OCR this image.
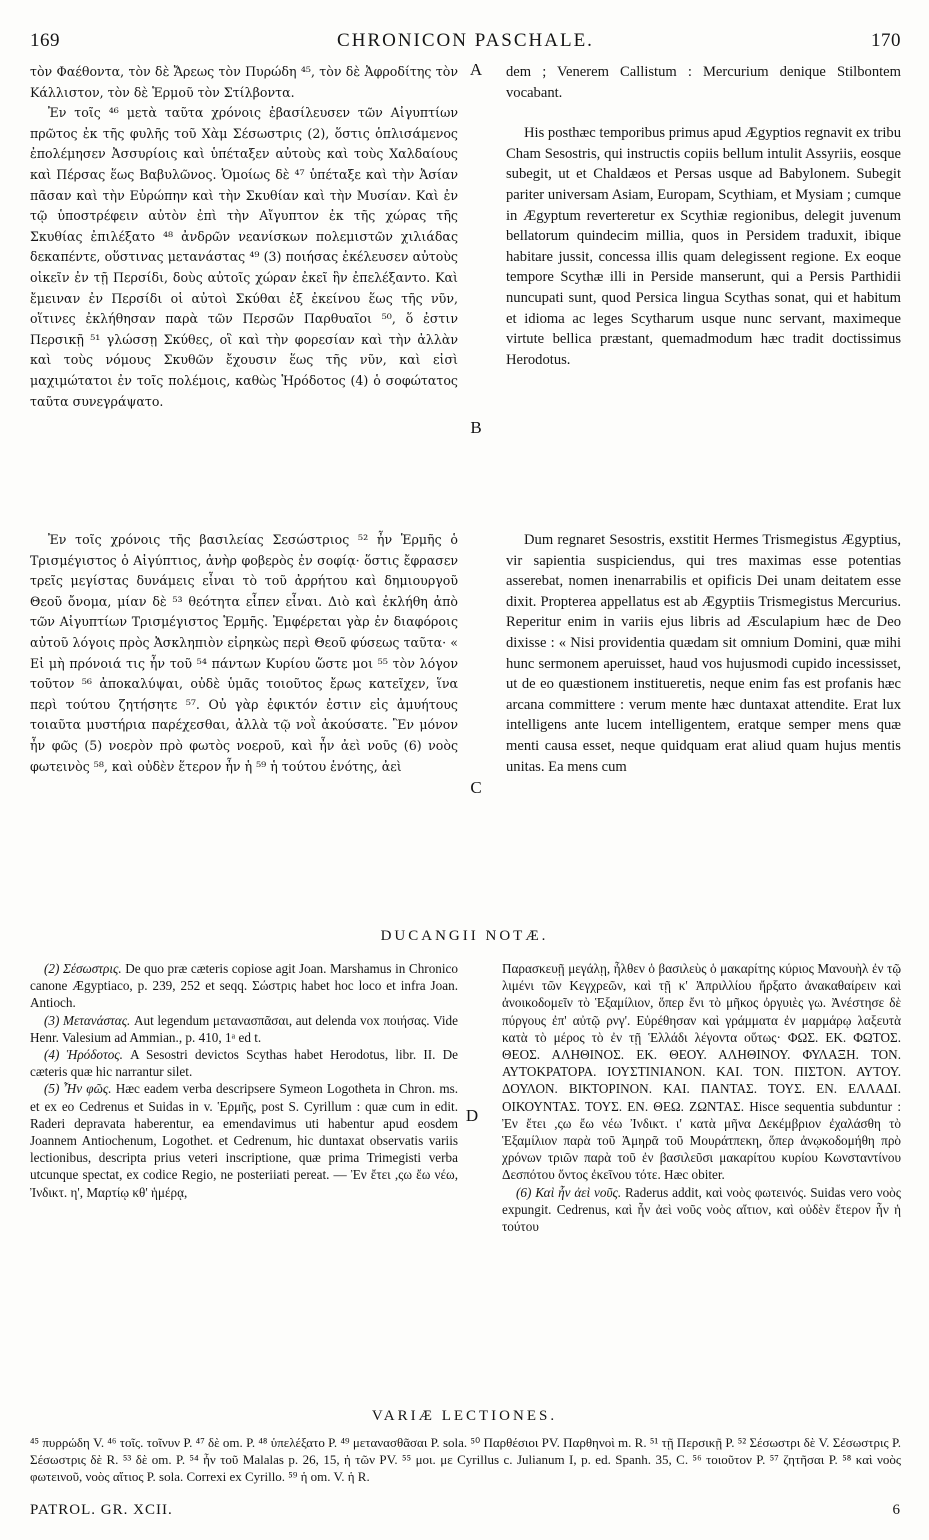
169	CHRONICON PASCHALE.	170

τὸν Φαέθοντα, τὸν δὲ Ἄρεως τὸν Πυρώδη ⁴⁵, τὸν δὲ Ἀφροδίτης τὸν Κάλλιστον, τὸν δὲ Ἑρμοῦ τὸν Στίλβοντα.

Ἐν τοῖς ⁴⁶ μετὰ ταῦτα χρόνοις ἐβασίλευσεν τῶν Αἰγυπτίων πρῶτος ἐκ τῆς φυλῆς τοῦ Χὰμ Σέσωστρις (2), ὅστις ὁπλισάμενος ἐπολέμησεν Ἀσσυρίοις καὶ ὑπέταξεν αὐτοὺς καὶ τοὺς Χαλδαίους καὶ Πέρσας ἕως Βαβυλῶνος. Ὁμοίως δὲ ⁴⁷ ὑπέταξε καὶ τὴν Ἀσίαν πᾶσαν καὶ τὴν Εὐρώπην καὶ τὴν Σκυθίαν καὶ τὴν Μυσίαν. Καὶ ἐν τῷ ὑποστρέφειν αὐτὸν ἐπὶ τὴν Αἴγυπτον ἐκ τῆς χώρας τῆς Σκυθίας ἐπιλέξατο ⁴⁸ ἀνδρῶν νεανίσκων πολεμιστῶν χιλιάδας δεκαπέντε, οὕστινας μετανάστας ⁴⁹ (3) ποιήσας ἐκέλευσεν αὐτοὺς οἰκεῖν ἐν τῇ Περσίδι, δοὺς αὐτοῖς χώραν ἐκεῖ ἣν ἐπελέξαντο. Καὶ ἔμειναν ἐν Περσίδι οἱ αὐτοὶ Σκύθαι ἐξ ἐκείνου ἕως τῆς νῦν, οἵτινες ἐκλήθησαν παρὰ τῶν Περσῶν Παρθυαῖοι ⁵⁰, ὅ ἐστιν Περσικῇ ⁵¹ γλώσσῃ Σκύθες, οἳ καὶ τὴν φορεσίαν καὶ τὴν ἀλλὰν καὶ τοὺς νόμους Σκυθῶν ἔχουσιν ἕως τῆς νῦν, καὶ εἰσὶ μαχιμώτατοι ἐν τοῖς πολέμοις, καθὼς Ἡρόδοτος (4) ὁ σοφώτατος ταῦτα συνεγράψατο.

dem ; Venerem Callistum : Mercurium denique Stilbontem vocabant.

His posthæc temporibus primus apud Ægyptios regnavit ex tribu Cham Sesostris, qui instructis copiis bellum intulit Assyriis, eosque subegit, ut et Chaldæos et Persas usque ad Babylonem. Subegit pariter universam Asiam, Europam, Scythiam, et Mysiam ; cumque in Ægyptum reverteretur ex Scythiæ regionibus, delegit juvenum bellatorum quindecim millia, quos in Persidem traduxit, ibique habitare jussit, concessa illis quam delegissent regione. Ex eoque tempore Scythæ illi in Perside manserunt, qui a Persis Parthidii nuncupati sunt, quod Persica lingua Scythas sonat, qui et habitum et idioma ac leges Scytharum usque nunc servant, maximeque virtute bellica præstant, quemadmodum hæc tradit doctissimus Herodotus.

Ἐν τοῖς χρόνοις τῆς βασιλείας Σεσώστριος ⁵² ἦν Ἑρμῆς ὁ Τρισμέγιστος ὁ Αἰγύπτιος, ἀνὴρ φοβερὸς ἐν σοφίᾳ· ὅστις ἔφρασεν τρεῖς μεγίστας δυνάμεις εἶναι τὸ τοῦ ἀρρήτου καὶ δημιουργοῦ Θεοῦ ὄνομα, μίαν δὲ ⁵³ θεότητα εἶπεν εἶναι. Διὸ καὶ ἐκλήθη ἀπὸ τῶν Αἰγυπτίων Τρισμέγιστος Ἑρμῆς. Ἐμφέρεται γὰρ ἐν διαφόροις αὐτοῦ λόγοις πρὸς Ἀσκληπιὸν εἰρηκὼς περὶ Θεοῦ φύσεως ταῦτα· « Εἰ μὴ πρόνοιά τις ἦν τοῦ ⁵⁴ πάντων Κυρίου ὥστε μοι ⁵⁵ τὸν λόγον τοῦτον ⁵⁶ ἀποκαλύψαι, οὐδὲ ὑμᾶς τοιοῦτος ἔρως κατεῖχεν, ἵνα περὶ τούτου ζητήσητε ⁵⁷. Οὐ γὰρ ἐφικτόν ἐστιν εἰς ἀμυήτους τοιαῦτα μυστήρια παρέχεσθαι, ἀλλὰ τῷ νοῒ ἀκούσατε. Ἓν μόνον ἦν φῶς (5) νοερὸν πρὸ φωτὸς νοεροῦ, καὶ ἦν ἀεὶ νοῦς (6) νοὸς φωτεινὸς ⁵⁸, καὶ οὐδὲν ἕτερον ἦν ἡ ⁵⁹ ἡ τούτου ἑνότης, ἀεὶ

Dum regnaret Sesostris, exstitit Hermes Trismegistus Ægyptius, vir sapientia suspiciendus, qui tres maximas esse potentias asserebat, nomen inenarrabilis et opificis Dei unam deitatem esse dixit. Propterea appellatus est ab Ægyptiis Trismegistus Mercurius. Reperitur enim in variis ejus libris ad Æsculapium hæc de Deo dixisse : « Nisi providentia quædam sit omnium Domini, quæ mihi hunc sermonem aperuisset, haud vos hujusmodi cupido incessisset, ut de eo quæstionem institueretis, neque enim fas est profanis hæc arcana committere : verum mente hæc duntaxat attendite. Erat lux intelligens ante lucem intelligentem, eratque semper mens quæ menti causa esset, neque quidquam erat aliud quam hujus mentis unitas. Ea mens cum

A
B
C
D
DUCANGII NOTÆ.

(2) Σέσωστρις. De quo præ cæteris copiose agit Joan. Marshamus in Chronico canone Ægyptiaco, p. 239, 252 et seqq. Σώστρις habet hoc loco et infra Joan. Antioch.

(3) Μετανάστας. Aut legendum μετανασπᾶσαι, aut delenda vox ποιήσας. Vide Henr. Valesium ad Ammian., p. 410, 1ᵃ ed t.

(4) Ἡρόδοτος. A Sesostri devictos Scythas habet Herodotus, libr. II. De cæteris quæ hic narrantur silet.

(5) Ἦν φῶς. Hæc eadem verba descripsere Symeon Logotheta in Chron. ms. et ex eo Cedrenus et Suidas in v. Ἑρμῆς, post S. Cyrillum : quæ cum in edit. Raderi depravata haberentur, ea emendavimus uti habentur apud eosdem Joannem Antiochenum, Logothet. et Cedrenum, hic duntaxat observatis variis lectionibus, descripta prius veteri inscriptione, quæ prima Trimegisti verba utcunque spectat, ex codice Regio, ne posteriiati pereat. — Ἐν ἔτει ,ςω ἔω νέω, Ἰνδικτ. η', Μαρτίῳ κθ' ἡμέρᾳ,

Παρασκευῇ μεγάλῃ, ἦλθεν ὁ βασιλεὺς ὁ μακαρίτης κύριος Μανουὴλ ἐν τῷ λιμένι τῶν Κεγχρεῶν, καὶ τῇ κ' Ἀπριλλίου ἤρξατο ἀνακαθαίρειν καὶ ἀνοικοδομεῖν τὸ Ἑξαμίλιον, ὅπερ ἔνι τὸ μῆκος ὀργυιὲς γω. Ἀνέστησε δὲ πύργους ἐπ' αὐτῷ ρνγ'. Εὑρέθησαν καὶ γράμματα ἐν μαρμάρῳ λαξευτὰ κατὰ τὸ μέρος τὸ ἐν τῇ Ἑλλάδι λέγοντα οὕτως· ΦΩΣ. ΕΚ. ΦΩΤΟΣ. ΘΕΟΣ. ΑΛΗΘΙΝΟΣ. ΕΚ. ΘΕΟΥ. ΑΛΗΘΙΝΟΥ. ΦΥΛΑΞΗ. ΤΟΝ. ΑΥΤΟΚΡΑΤΟΡΑ. ΙΟΥΣΤΙΝΙΑΝΟΝ. ΚΑΙ. ΤΟΝ. ΠΙΣΤΟΝ. ΑΥΤΟΥ. ΔΟΥΛΟΝ. ΒΙΚΤΟΡΙΝΟΝ. ΚΑΙ. ΠΑΝΤΑΣ. ΤΟΥΣ. ΕΝ. ΕΛΛΑΔΙ. ΟΙΚΟΥΝΤΑΣ. ΤΟΥΣ. ΕΝ. ΘΕΩ. ΖΩΝΤΑΣ. Hisce sequentia subduntur : Ἐν ἔτει ,ςω ἔω νέω Ἰνδικτ. ι' κατὰ μῆνα Δεκέμβριον ἐχαλάσθη τὸ Ἑξαμίλιον παρὰ τοῦ Ἀμηρᾶ τοῦ Μουράτπεκη, ὅπερ ἀνῳκοδομήθη πρὸ χρόνων τριῶν παρὰ τοῦ ἐν βασιλεῦσι μακαρίτου κυρίου Κωνσταντίνου Δεσπότου ὄντος ἐκεῖνου τότε. Hæc obiter.

(6) Καὶ ἦν ἀεὶ νοῦς. Raderus addit, καὶ νοὸς φωτεινός. Suidas vero νοὸς expungit. Cedrenus, καὶ ἦν ἀεὶ νοῦς νοὸς αἴτιον, καὶ οὐδὲν ἕτερον ἦν ἡ τούτου

VARIÆ LECTIONES.
⁴⁵ πυρρώδη V. ⁴⁶ τοῖς. τοῖνυν P. ⁴⁷ δὲ om. P. ⁴⁸ ὑπελέξατο P. ⁴⁹ μετανασθᾶσαι P. sola. ⁵⁰ Παρθέσιοι PV. Παρθηνοὶ m. R. ⁵¹ τῇ Περσικῇ P. ⁵² Σέσωστρι δὲ V. Σέσωστρις P. Σέσωστρις δὲ R. ⁵³ δὲ om. P. ⁵⁴ ἦν τοῦ Malalas p. 26, 15, ἡ τῶν PV. ⁵⁵ μοι. με Cyrillus c. Julianum I, p. ed. Spanh. 35, C. ⁵⁶ τοιοῦτον P. ⁵⁷ ζητῆσαι P. ⁵⁸ καὶ νοὸς φωτεινοῦ, νοὸς αἴτιος P. sola. Correxi ex Cyrillo. ⁵⁹ ἡ om. V. ἡ R.
PATROL. GR. XCII.	6
